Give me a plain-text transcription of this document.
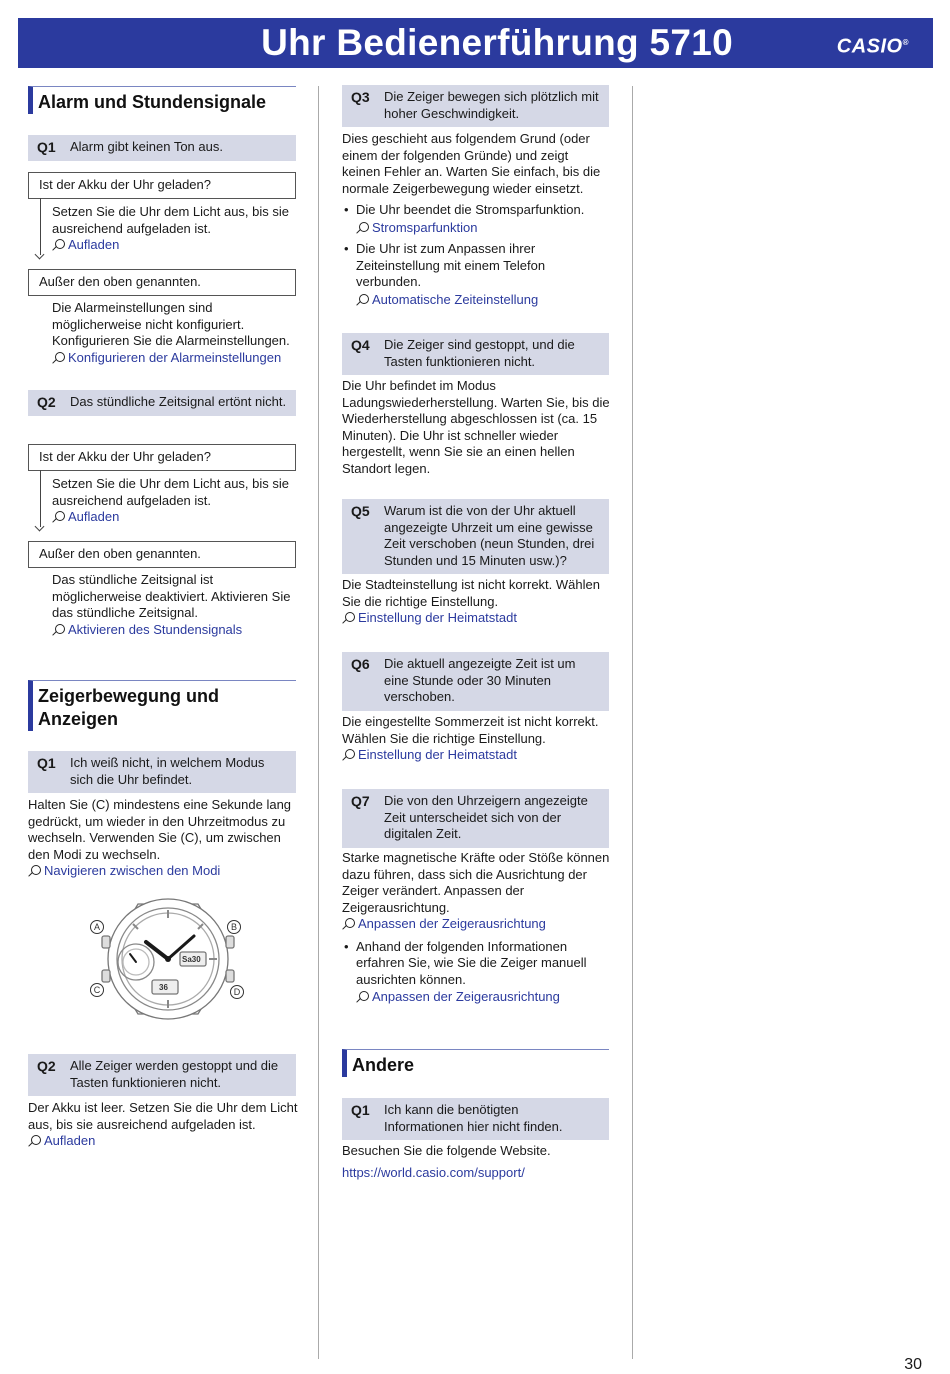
Uhr Bedienerführung 5710	CASIO®
Alarm und Stundensignale
Q1	Alarm gibt keinen Ton aus.
Ist der Akku der Uhr geladen?
Setzen Sie die Uhr dem Licht aus, bis sie ausreichend aufgeladen ist.
Aufladen
Außer den oben genannten.
Die Alarmeinstellungen sind möglicherweise nicht konfiguriert. Konfigurieren Sie die Alarmeinstellungen.
Konfigurieren der Alarmeinstellungen
Q2	Das stündliche Zeitsignal ertönt nicht.
Ist der Akku der Uhr geladen?
Setzen Sie die Uhr dem Licht aus, bis sie ausreichend aufgeladen ist.
Aufladen
Außer den oben genannten.
Das stündliche Zeitsignal ist möglicherweise deaktiviert. Aktivieren Sie das stündliche Zeitsignal.
Aktivieren des Stundensignals
Zeigerbewegung und Anzeigen
Q1	Ich weiß nicht, in welchem Modus sich die Uhr befindet.
Halten Sie (C) mindestens eine Sekunde lang gedrückt, um wieder in den Uhrzeitmodus zu wechseln. Verwenden Sie (C), um zwischen den Modi zu wechseln.
Navigieren zwischen den Modi
Q2	Alle Zeiger werden gestoppt und die Tasten funktionieren nicht.
Der Akku ist leer. Setzen Sie die Uhr dem Licht aus, bis sie ausreichend aufgeladen ist.
Aufladen
Sa30
36
A	B
C	D
Q3	Die Zeiger bewegen sich plötzlich mit hoher Geschwindigkeit.
Dies geschieht aus folgendem Grund (oder einem der folgenden Gründe) und zeigt keinen Fehler an. Warten Sie einfach, bis die normale Zeigerbewegung wieder einsetzt.
• Die Uhr beendet die Stromsparfunktion.
Stromsparfunktion
• Die Uhr ist zum Anpassen ihrer Zeiteinstellung mit einem Telefon verbunden.
Automatische Zeiteinstellung
Q4	Die Zeiger sind gestoppt, und die Tasten funktionieren nicht.
Die Uhr befindet im Modus Ladungswiederherstellung. Warten Sie, bis die Wiederherstellung abgeschlossen ist (ca. 15 Minuten). Die Uhr ist schneller wieder hergestellt, wenn Sie sie an einen hellen Standort legen.
Q5	Warum ist die von der Uhr aktuell angezeigte Uhrzeit um eine gewisse Zeit verschoben (neun Stunden, drei Stunden und 15 Minuten usw.)?
Die Stadteinstellung ist nicht korrekt. Wählen Sie die richtige Einstellung.
Einstellung der Heimatstadt
Q6	Die aktuell angezeigte Zeit ist um eine Stunde oder 30 Minuten verschoben.
Die eingestellte Sommerzeit ist nicht korrekt. Wählen Sie die richtige Einstellung.
Einstellung der Heimatstadt
Q7	Die von den Uhrzeigern angezeigte Zeit unterscheidet sich von der digitalen Zeit.
Starke magnetische Kräfte oder Stöße können dazu führen, dass sich die Ausrichtung der Zeiger verändert. Anpassen der Zeigerausrichtung.
Anpassen der Zeigerausrichtung
• Anhand der folgenden Informationen erfahren Sie, wie Sie die Zeiger manuell ausrichten können.
Anpassen der Zeigerausrichtung
Andere
Q1	Ich kann die benötigten Informationen hier nicht finden.
Besuchen Sie die folgende Website.
https://world.casio.com/support/
30
